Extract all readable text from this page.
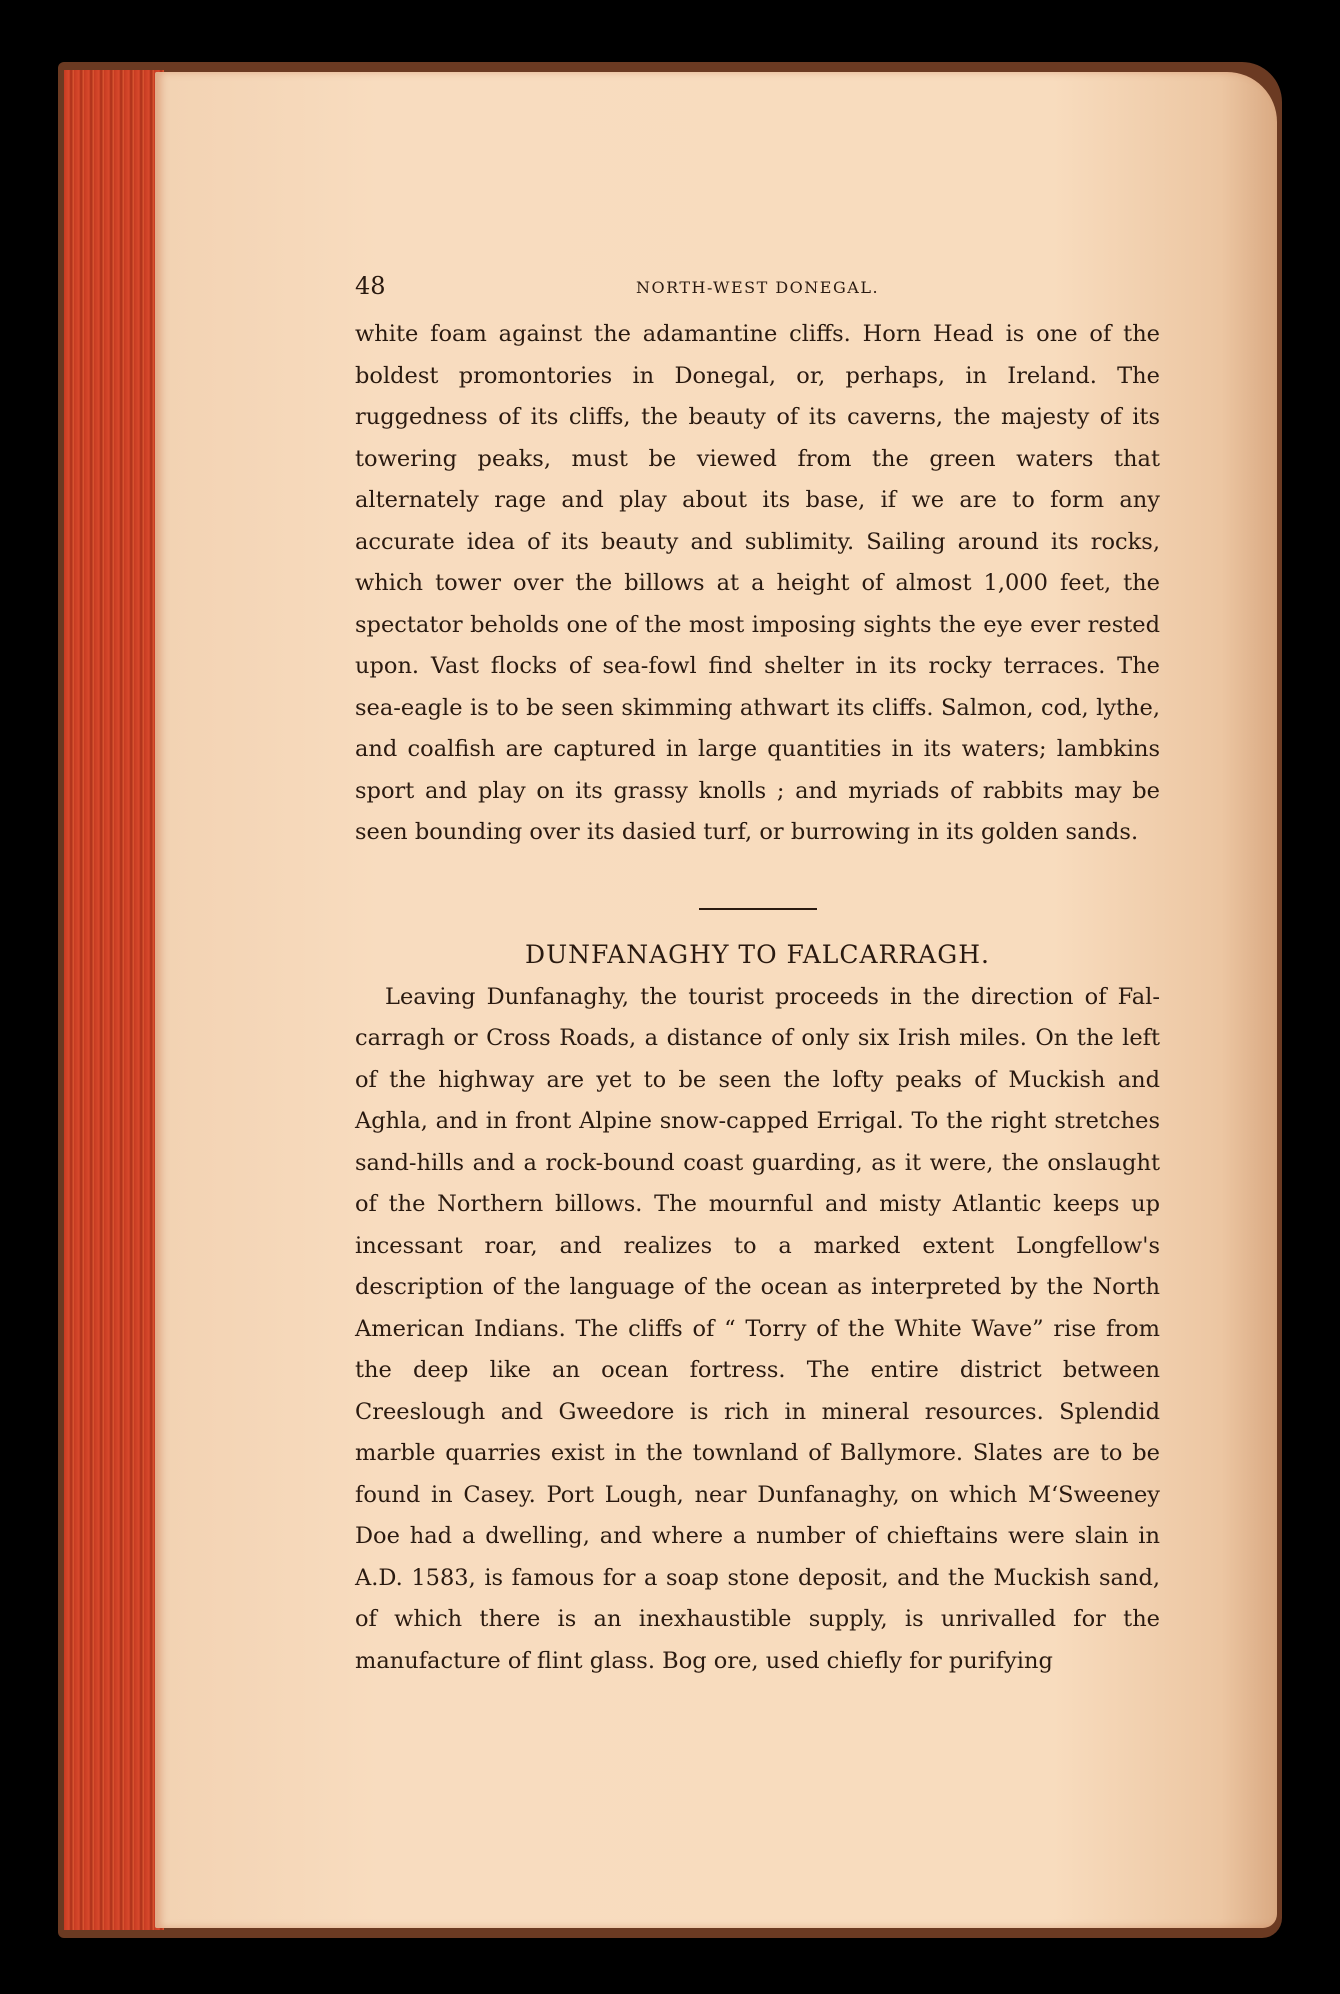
48	NORTH-WEST DONEGAL.

white foam against the adamantine cliffs. Horn Head is one of the boldest promontories in Donegal, or, perhaps, in Ireland. The ruggedness of its cliffs, the beauty of its caverns, the majesty of its towering peaks, must be viewed from the green waters that alternately rage and play about its base, if we are to form any accurate idea of its beauty and sublimity. Sailing around its rocks, which tower over the billows at a height of almost 1,000 feet, the spectator beholds one of the most imposing sights the eye ever rested upon. Vast flocks of sea-fowl find shelter in its rocky terraces. The sea-eagle is to be seen skimming athwart its cliffs. Salmon, cod, lythe, and coalfish are captured in large quantities in its waters; lambkins sport and play on its grassy knolls ; and myriads of rabbits may be seen bounding over its dasied turf, or burrowing in its golden sands.

DUNFANAGHY TO FALCARRAGH.

Leaving Dunfanaghy, the tourist proceeds in the direction of Falcarragh or Cross Roads, a distance of only six Irish miles. On the left of the highway are yet to be seen the lofty peaks of Muckish and Aghla, and in front Alpine snow-capped Errigal. To the right stretches sand-hills and a rock-bound coast guarding, as it were, the onslaught of the Northern billows. The mournful and misty Atlantic keeps up incessant roar, and realizes to a marked extent Longfellow's description of the language of the ocean as interpreted by the North American Indians. The cliffs of “ Torry of the White Wave” rise from the deep like an ocean fortress. The entire district between Creeslough and Gweedore is rich in mineral resources. Splendid marble quarries exist in the townland of Ballymore. Slates are to be found in Casey. Port Lough, near Dunfanaghy, on which M‘Sweeney Doe had a dwelling, and where a number of chieftains were slain in A.D. 1583, is famous for a soap stone deposit, and the Muckish sand, of which there is an inexhaustible supply, is unrivalled for the manufacture of flint glass. Bog ore, used chiefly for purifying
